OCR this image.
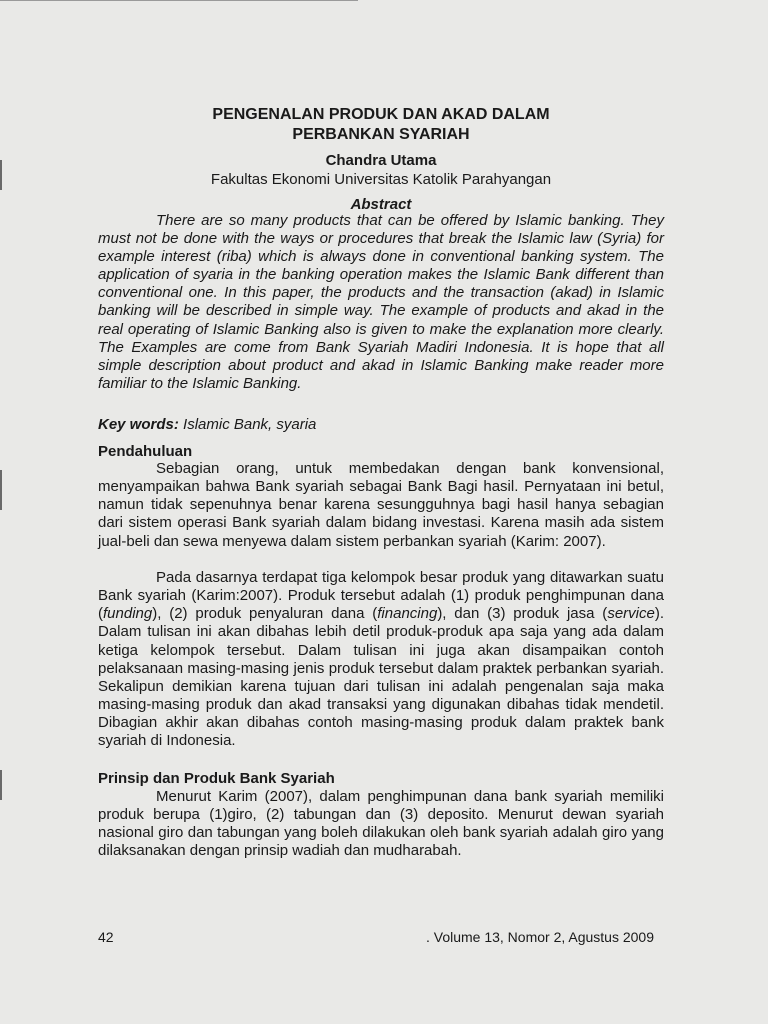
PENGENALAN PRODUK DAN AKAD DALAM
PERBANKAN SYARIAH
Chandra Utama
Fakultas Ekonomi Universitas Katolik Parahyangan
Abstract

There are so many products that can be offered by Islamic banking. They must not be done with the ways or procedures that break the Islamic law (Syria) for example interest (riba) which is always done in conventional banking system. The application of syaria in the banking operation makes the Islamic Bank different than conventional one. In this paper, the products and the transaction (akad) in Islamic banking will be described in simple way. The example of products and akad in the real operating of Islamic Banking also is given to make the explanation more clearly. The Examples are come from Bank Syariah Madiri Indonesia. It is hope that all simple description about product and akad in Islamic Banking make reader more familiar to the Islamic Banking.

Key words: Islamic Bank, syaria
Pendahuluan

Sebagian orang, untuk membedakan dengan bank konvensional, menyampaikan bahwa Bank syariah sebagai Bank Bagi hasil. Pernyataan ini betul, namun tidak sepenuhnya benar karena sesungguhnya bagi hasil hanya sebagian dari sistem operasi Bank syariah dalam bidang investasi. Karena masih ada sistem jual-beli dan sewa menyewa dalam sistem perbankan syariah (Karim: 2007).

Pada dasarnya terdapat tiga kelompok besar produk yang ditawarkan suatu Bank syariah (Karim:2007). Produk tersebut adalah (1) produk penghimpunan dana (funding), (2) produk penyaluran dana (financing), dan (3) produk jasa (service). Dalam tulisan ini akan dibahas lebih detil produk-produk apa saja yang ada dalam ketiga kelompok tersebut. Dalam tulisan ini juga akan disampaikan contoh pelaksanaan masing-masing jenis produk tersebut dalam praktek perbankan syariah. Sekalipun demikian karena tujuan dari tulisan ini adalah pengenalan saja maka masing-masing produk dan akad transaksi yang digunakan dibahas tidak mendetil. Dibagian akhir akan dibahas contoh masing-masing produk dalam praktek bank syariah di Indonesia.

Prinsip dan Produk Bank Syariah

Menurut Karim (2007), dalam penghimpunan dana bank syariah memiliki produk berupa (1)giro, (2) tabungan dan (3) deposito. Menurut dewan syariah nasional giro dan tabungan yang boleh dilakukan oleh bank syariah adalah giro yang dilaksanakan dengan prinsip wadiah dan mudharabah.

42	. Volume 13, Nomor 2, Agustus 2009
